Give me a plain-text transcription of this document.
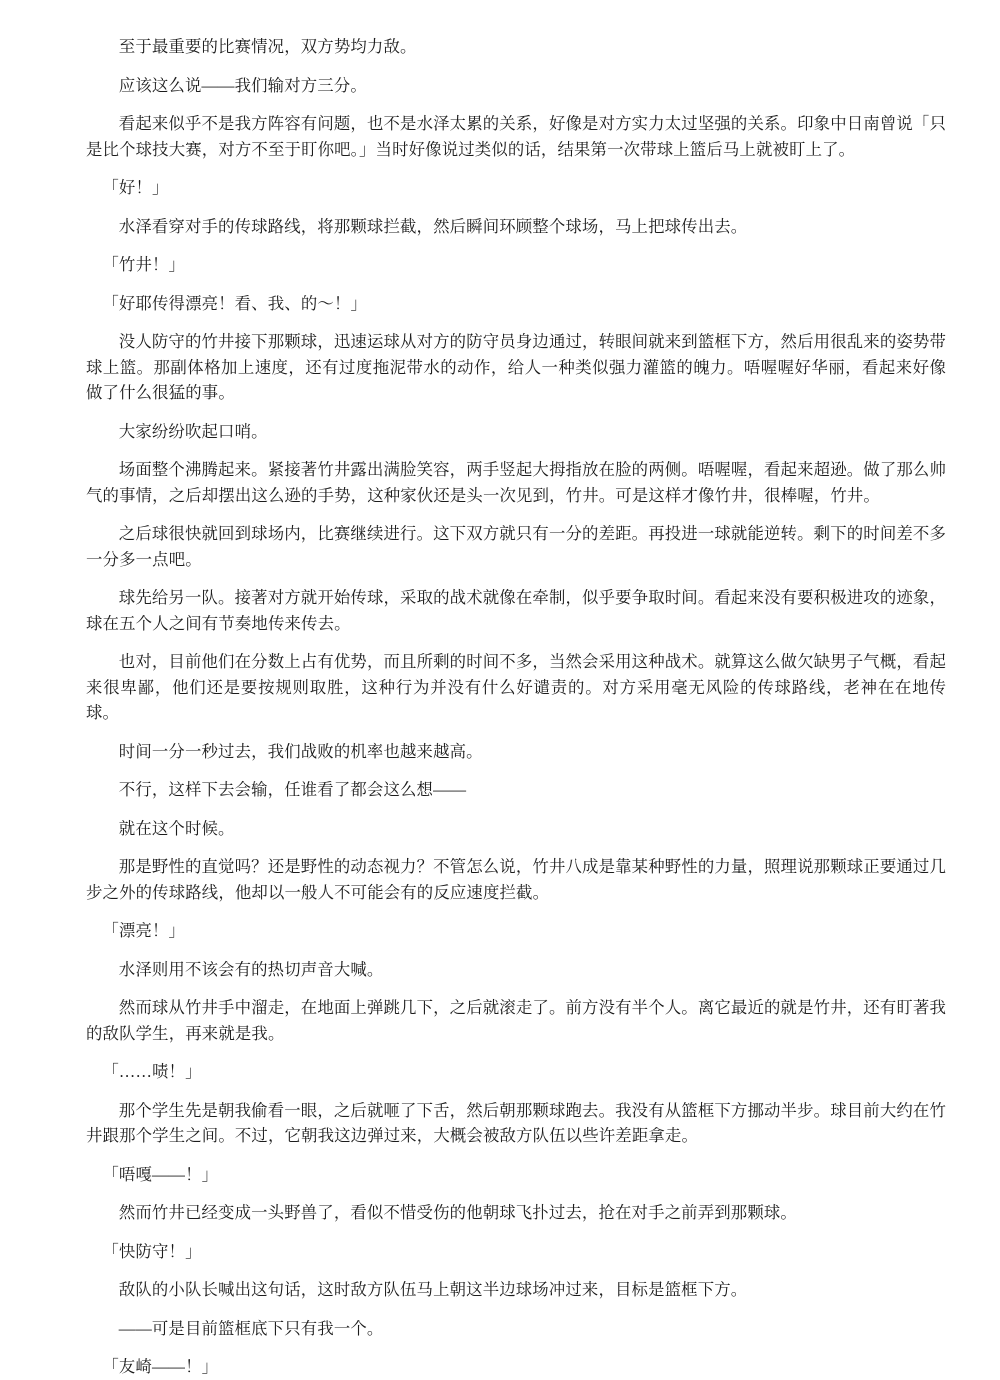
至于最重要的比赛情况，双方势均力敌。

应该这么说——我们输对方三分。

看起来似乎不是我方阵容有问题，也不是水泽太累的关系，好像是对方实力太过坚强的关系。印象中日南曾说「只是比个球技大赛，对方不至于盯你吧。」当时好像说过类似的话，结果第一次带球上篮后马上就被盯上了。

「好！」

水泽看穿对手的传球路线，将那颗球拦截，然后瞬间环顾整个球场，马上把球传出去。

「竹井！」

「好耶传得漂亮！看、我、的～！」

没人防守的竹井接下那颗球，迅速运球从对方的防守员身边通过，转眼间就来到篮框下方，然后用很乱来的姿势带球上篮。那副体格加上速度，还有过度拖泥带水的动作，给人一种类似强力灌篮的魄力。唔喔喔好华丽，看起来好像做了什么很猛的事。

大家纷纷吹起口哨。

场面整个沸腾起来。紧接著竹井露出满脸笑容，两手竖起大拇指放在脸的两侧。唔喔喔，看起来超逊。做了那么帅气的事情，之后却摆出这么逊的手势，这种家伙还是头一次见到，竹井。可是这样才像竹井，很棒喔，竹井。

之后球很快就回到球场内，比赛继续进行。这下双方就只有一分的差距。再投进一球就能逆转。剩下的时间差不多一分多一点吧。

球先给另一队。接著对方就开始传球，采取的战术就像在牵制，似乎要争取时间。看起来没有要积极进攻的迹象，球在五个人之间有节奏地传来传去。

也对，目前他们在分数上占有优势，而且所剩的时间不多，当然会采用这种战术。就算这么做欠缺男子气概，看起来很卑鄙，他们还是要按规则取胜，这种行为并没有什么好谴责的。对方采用毫无风险的传球路线，老神在在地传球。

时间一分一秒过去，我们战败的机率也越来越高。

不行，这样下去会输，任谁看了都会这么想——

就在这个时候。

那是野性的直觉吗？还是野性的动态视力？不管怎么说，竹井八成是靠某种野性的力量，照理说那颗球正要通过几步之外的传球路线，他却以一般人不可能会有的反应速度拦截。

「漂亮！」

水泽则用不该会有的热切声音大喊。

然而球从竹井手中溜走，在地面上弹跳几下，之后就滚走了。前方没有半个人。离它最近的就是竹井，还有盯著我的敌队学生，再来就是我。

「……啧！」

那个学生先是朝我偷看一眼，之后就咂了下舌，然后朝那颗球跑去。我没有从篮框下方挪动半步。球目前大约在竹井跟那个学生之间。不过，它朝我这边弹过来，大概会被敌方队伍以些许差距拿走。

「唔嘎——！」

然而竹井已经变成一头野兽了，看似不惜受伤的他朝球飞扑过去，抢在对手之前弄到那颗球。

「快防守！」

敌队的小队长喊出这句话，这时敌方队伍马上朝这半边球场冲过来，目标是篮框下方。

——可是目前篮框底下只有我一个。

「友崎——！」
